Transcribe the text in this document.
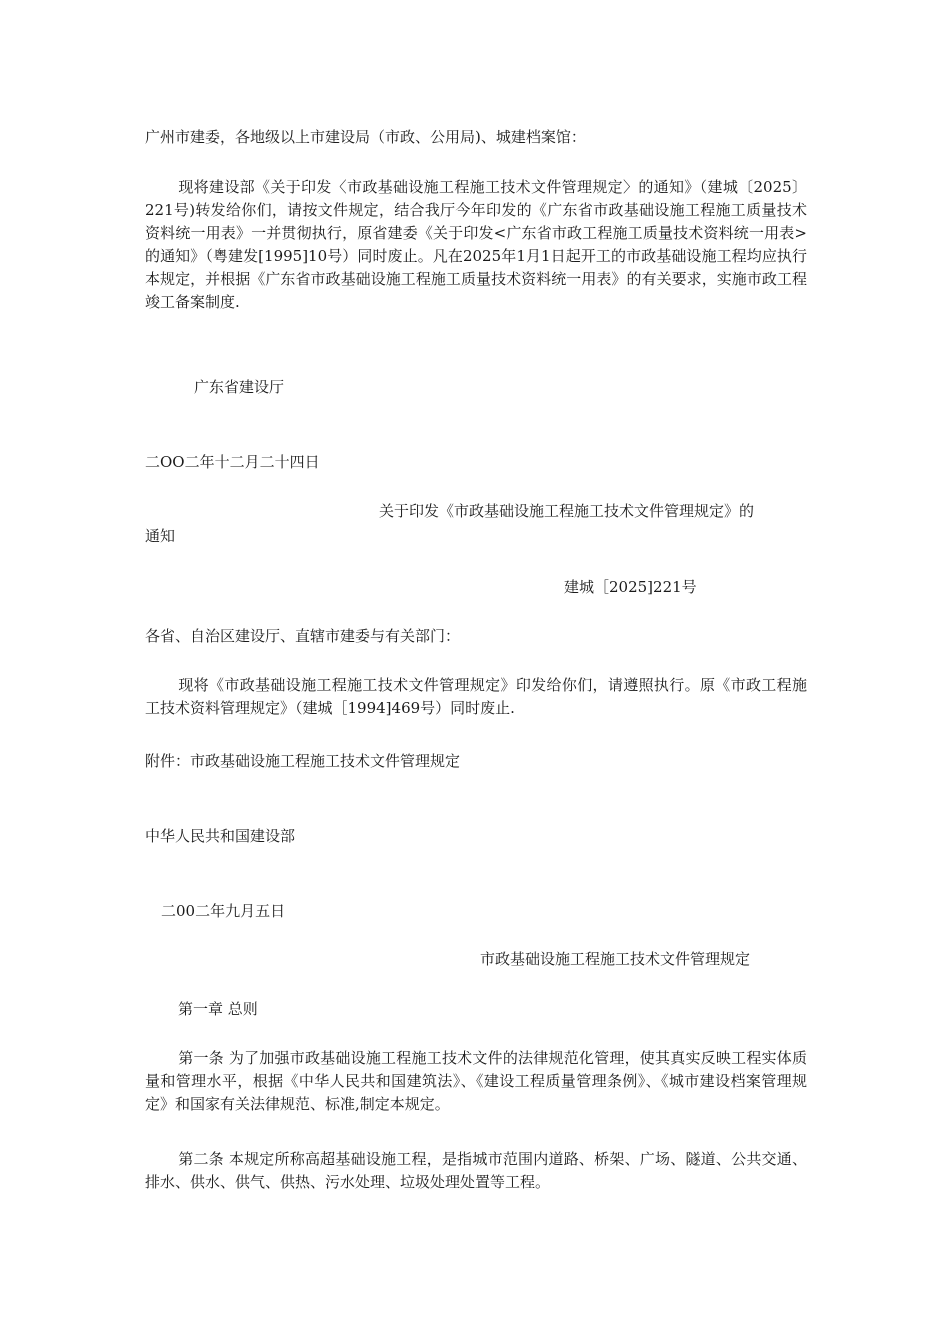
广州市建委，各地级以上市建设局（市政、公用局)、城建档案馆：
现将建设部《关于印发〈市政基础设施工程施工技术文件管理规定〉的通知》（建城〔2025〕221号)转发给你们，请按文件规定，结合我厅今年印发的《广东省市政基础设施工程施工质量技术资料统一用表》一并贯彻执行，原省建委《关于印发<广东省市政工程施工质量技术资料统一用表>的通知》（粤建发[1995]10号）同时废止。凡在2025年1月1日起开工的市政基础设施工程均应执行本规定，并根据《广东省市政基础设施工程施工质量技术资料统一用表》的有关要求，实施市政工程竣工备案制度.
广东省建设厅
二OO二年十二月二十四日
关于印发《市政基础设施工程施工技术文件管理规定》的
通知
建城［2025]221号
各省、自治区建设厅、直辖市建委与有关部门：
现将《市政基础设施工程施工技术文件管理规定》印发给你们，请遵照执行。原《市政工程施工技术资料管理规定》（建城［1994]469号）同时废止.
附件：市政基础设施工程施工技术文件管理规定
中华人民共和国建设部
二00二年九月五日
市政基础设施工程施工技术文件管理规定
第一章 总则
第一条 为了加强市政基础设施工程施工技术文件的法律规范化管理，使其真实反映工程实体质量和管理水平，根据《中华人民共和国建筑法》、《建设工程质量管理条例》、《城市建设档案管理规定》和国家有关法律规范、标准,制定本规定。
第二条 本规定所称高超基础设施工程，是指城市范围内道路、桥架、广场、隧道、公共交通、排水、供水、供气、供热、污水处理、垃圾处理处置等工程。
